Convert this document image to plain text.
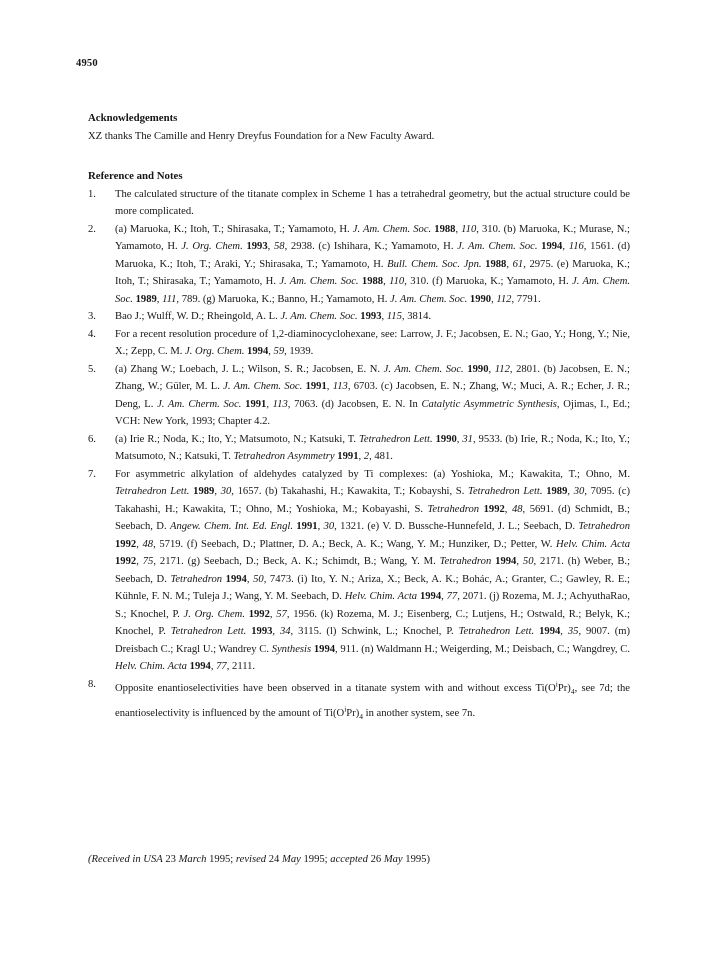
4950

Acknowledgements

XZ thanks The Camille and Henry Dreyfus Foundation for a New Faculty Award.

Reference and Notes

1. The calculated structure of the titanate complex in Scheme 1 has a tetrahedral geometry, but the actual structure could be more complicated.
2. (a) Maruoka, K.; Itoh, T.; Shirasaka, T.; Yamamoto, H. J. Am. Chem. Soc. 1988, 110, 310. (b) Maruoka, K.; Murase, N.; Yamamoto, H. J. Org. Chem. 1993, 58, 2938. (c) Ishihara, K.; Yamamoto, H. J. Am. Chem. Soc. 1994, 116, 1561. (d) Maruoka, K.; Itoh, T.; Araki, Y.; Shirasaka, T.; Yamamoto, H. Bull. Chem. Soc. Jpn. 1988, 61, 2975. (e) Maruoka, K.; Itoh, T.; Shirasaka, T.; Yamamoto, H. J. Am. Chem. Soc. 1988, 110, 310. (f) Maruoka, K.; Yamamoto, H. J. Am. Chem. Soc. 1989, 111, 789. (g) Maruoka, K.; Banno, H.; Yamamoto, H. J. Am. Chem. Soc. 1990, 112, 7791.
3. Bao J.; Wulff, W. D.; Rheingold, A. L. J. Am. Chem. Soc. 1993, 115, 3814.
4. For a recent resolution procedure of 1,2-diaminocyclohexane, see: Larrow, J. F.; Jacobsen, E. N.; Gao, Y.; Hong, Y.; Nie, X.; Zepp, C. M. J. Org. Chem. 1994, 59, 1939.
5. (a) Zhang W.; Loebach, J. L.; Wilson, S. R.; Jacobsen, E. N. J. Am. Chem. Soc. 1990, 112, 2801. (b) Jacobsen, E. N.; Zhang, W.; Güler, M. L. J. Am. Chem. Soc. 1991, 113, 6703. (c) Jacobsen, E. N.; Zhang, W.; Muci, A. R.; Echer, J. R.; Deng, L. J. Am. Cherm. Soc. 1991, 113, 7063. (d) Jacobsen, E. N. In Catalytic Asymmetric Synthesis, Ojimas, I., Ed.; VCH: New York, 1993; Chapter 4.2.
6. (a) Irie R.; Noda, K.; Ito, Y.; Matsumoto, N.; Katsuki, T. Tetrahedron Lett. 1990, 31, 9533. (b) Irie, R.; Noda, K.; Ito, Y.; Matsumoto, N.; Katsuki, T. Tetrahedron Asymmetry 1991, 2, 481.
7. For asymmetric alkylation of aldehydes catalyzed by Ti complexes: (a) Yoshioka, M.; Kawakita, T.; Ohno, M. Tetrahedron Lett. 1989, 30, 1657. (b) Takahashi, H.; Kawakita, T.; Kobayshi, S. Tetrahedron Lett. 1989, 30, 7095. (c) Takahashi, H.; Kawakita, T.; Ohno, M.; Yoshioka, M.; Kobayashi, S. Tetrahedron 1992, 48, 5691. (d) Schmidt, B.; Seebach, D. Angew. Chem. Int. Ed. Engl. 1991, 30, 1321. (e) V. D. Bussche-Hunnefeld, J. L.; Seebach, D. Tetrahedron 1992, 48, 5719. (f) Seebach, D.; Plattner, D. A.; Beck, A. K.; Wang, Y. M.; Hunziker, D.; Petter, W. Helv. Chim. Acta 1992, 75, 2171. (g) Seebach, D.; Beck, A. K.; Schimdt, B.; Wang, Y. M. Tetrahedron 1994, 50, 2171. (h) Weber, B.; Seebach, D. Tetrahedron 1994, 50, 7473. (i) Ito, Y. N.; Ariza, X.; Beck, A. K.; Bohác, A.; Granter, C.; Gawley, R. E.; Kühnle, F. N. M.; Tuleja J.; Wang, Y. M. Seebach, D. Helv. Chim. Acta 1994, 77, 2071. (j) Rozema, M. J.; AchyuthaRao, S.; Knochel, P. J. Org. Chem. 1992, 57, 1956. (k) Rozema, M. J.; Eisenberg, C.; Lutjens, H.; Ostwald, R.; Belyk, K.; Knochel, P. Tetrahedron Lett. 1993, 34, 3115. (l) Schwink, L.; Knochel, P. Tetrahedron Lett. 1994, 35, 9007. (m) Dreisbach C.; Kragl U.; Wandrey C. Synthesis 1994, 911. (n) Waldmann H.; Weigerding, M.; Deisbach, C.; Wangdrey, C. Helv. Chim. Acta 1994, 77, 2111.
8. Opposite enantioselectivities have been observed in a titanate system with and without excess $Ti(O^iPr)_4$, see 7d; the enantioselectivity is influenced by the amount of $Ti(O^iPr)_4$ in another system, see 7n.
(Received in USA 23 March 1995; revised 24 May 1995; accepted 26 May 1995)
